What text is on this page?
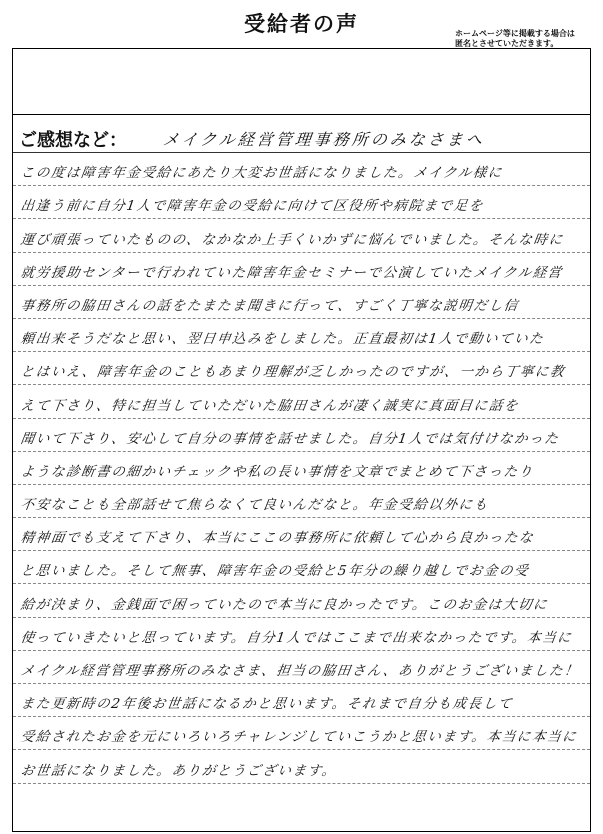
受給者の声	ホームページ等に掲載する場合は
匿名とさせていただきます。
ご感想など： メイクル経営管理事務所のみなさまへ
この度は障害年金受給にあたり大変お世話になりました。メイクル様に
出逢う前に自分1人で障害年金の受給に向けて区役所や病院まで足を
運び頑張っていたものの、なかなか上手くいかずに悩んでいました。そんな時に
就労援助センターで行われていた障害年金セミナーで公演していたメイクル経営
事務所の脇田さんの話をたまたま聞きに行って、すごく丁寧な説明だし信
頼出来そうだなと思い、翌日申込みをしました。正直最初は1人で動いていた
とはいえ、障害年金のこともあまり理解が乏しかったのですが、一から丁寧に教
えて下さり、特に担当していただいた脇田さんが凄く誠実に真面目に話を
聞いて下さり、安心して自分の事情を話せました。自分1人では気付けなかった
ような診断書の細かいチェックや私の長い事情を文章でまとめて下さったり
不安なことも全部話せて焦らなくて良いんだなと。年金受給以外にも
精神面でも支えて下さり、本当にここの事務所に依頼して心から良かったな
と思いました。そして無事、障害年金の受給と5年分の繰り越しでお金の受
給が決まり、金銭面で困っていたので本当に良かったです。このお金は大切に
使っていきたいと思っています。自分1人ではここまで出来なかったです。本当に
メイクル経営管理事務所のみなさま、担当の脇田さん、ありがとうございました！
また更新時の2年後お世話になるかと思います。それまで自分も成長して
受給されたお金を元にいろいろチャレンジしていこうかと思います。本当に本当に
お世話になりました。ありがとうございます。
